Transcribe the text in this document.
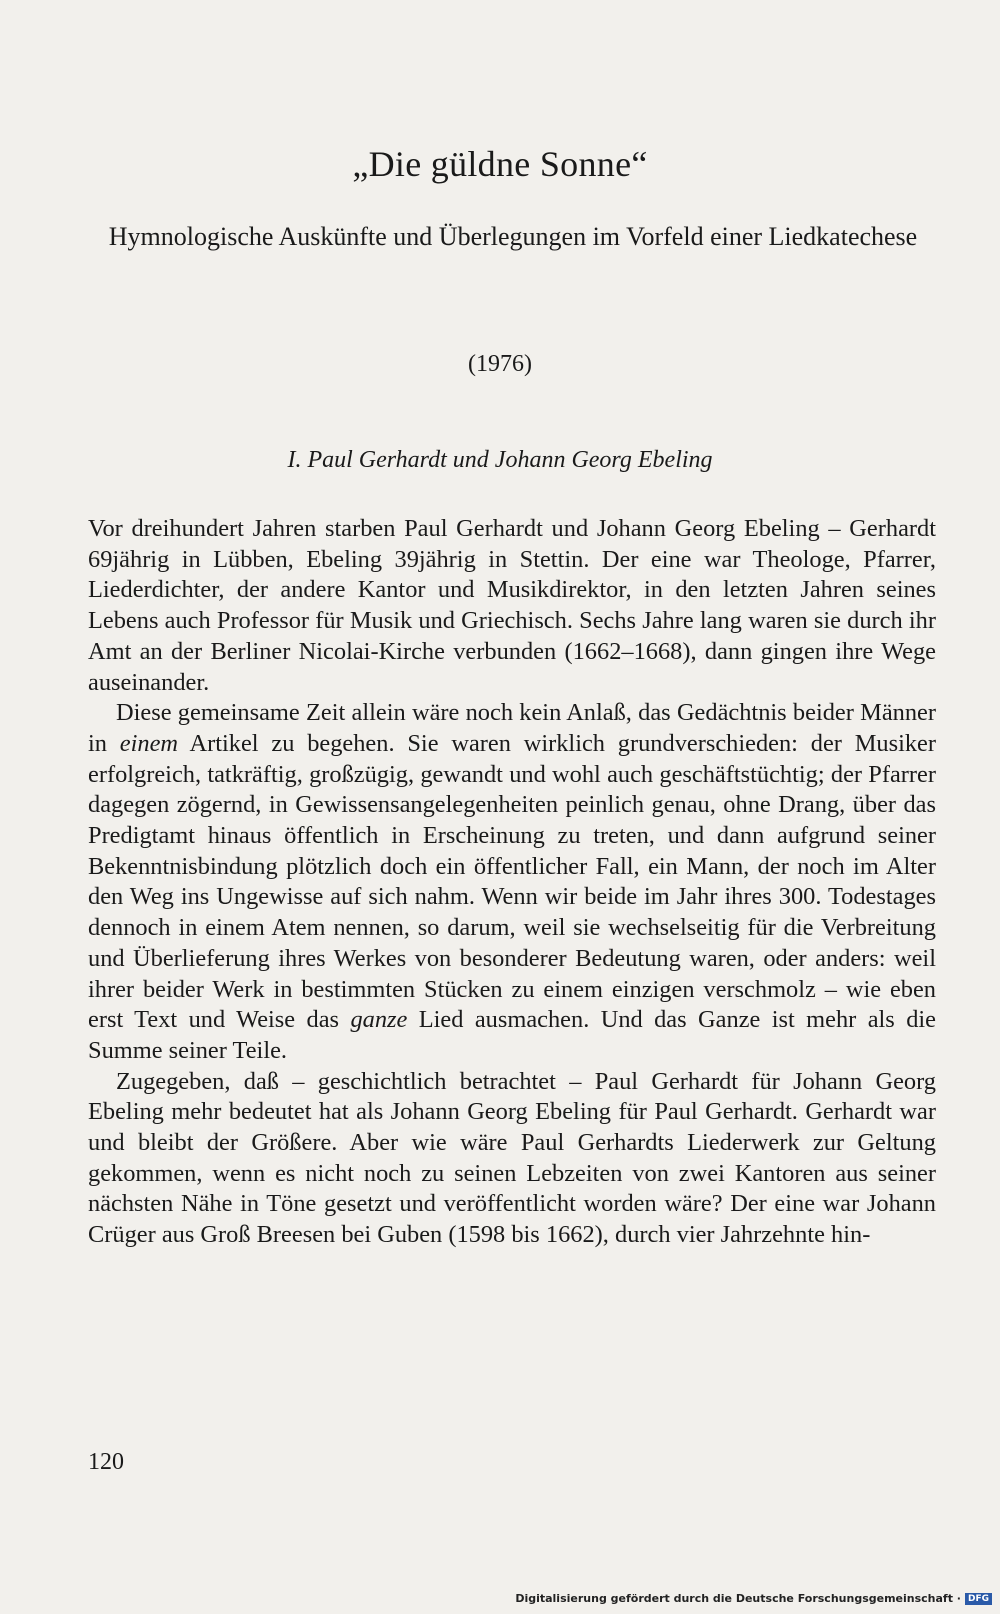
„Die güldne Sonne“
Hymnologische Auskünfte und Überlegungen im Vorfeld einer Liedkatechese
(1976)
I. Paul Gerhardt und Johann Georg Ebeling

Vor dreihundert Jahren starben Paul Gerhardt und Johann Georg Ebeling – Gerhardt 69jährig in Lübben, Ebeling 39jährig in Stettin. Der eine war Theologe, Pfarrer, Liederdichter, der andere Kantor und Musikdirektor, in den letzten Jahren seines Lebens auch Professor für Musik und Griechisch. Sechs Jahre lang waren sie durch ihr Amt an der Berliner Nicolai-Kirche verbunden (1662–1668), dann gingen ihre Wege auseinander.

Diese gemeinsame Zeit allein wäre noch kein Anlaß, das Gedächtnis beider Männer in einem Artikel zu begehen. Sie waren wirklich grundverschieden: der Musiker erfolgreich, tatkräftig, großzügig, gewandt und wohl auch geschäftstüchtig; der Pfarrer dagegen zögernd, in Gewissensangelegenheiten peinlich genau, ohne Drang, über das Predigtamt hinaus öffentlich in Erscheinung zu treten, und dann aufgrund seiner Bekenntnisbindung plötzlich doch ein öffentlicher Fall, ein Mann, der noch im Alter den Weg ins Ungewisse auf sich nahm. Wenn wir beide im Jahr ihres 300. Todestages dennoch in einem Atem nennen, so darum, weil sie wechselseitig für die Verbreitung und Überlieferung ihres Werkes von besonderer Bedeutung waren, oder anders: weil ihrer beider Werk in bestimmten Stücken zu einem einzigen verschmolz – wie eben erst Text und Weise das ganze Lied ausmachen. Und das Ganze ist mehr als die Summe seiner Teile.

Zugegeben, daß – geschichtlich betrachtet – Paul Gerhardt für Johann Georg Ebeling mehr bedeutet hat als Johann Georg Ebeling für Paul Gerhardt. Gerhardt war und bleibt der Größere. Aber wie wäre Paul Gerhardts Liederwerk zur Geltung gekommen, wenn es nicht noch zu seinen Lebzeiten von zwei Kantoren aus seiner nächsten Nähe in Töne gesetzt und veröffentlicht worden wäre? Der eine war Johann Crüger aus Groß Breesen bei Guben (1598 bis 1662), durch vier Jahrzehnte hin-

120
Digitalisierung gefördert durch die Deutsche Forschungsgemeinschaft · DFG
